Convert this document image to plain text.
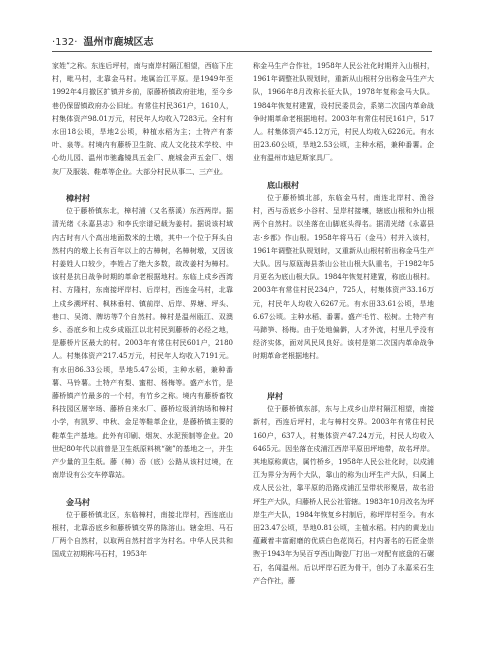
·132· 温州市鹿城区志

家姓”之称。东连后坪村，南与南岸村隔江相望，西临下庄村，毗马村，北靠金马村。地属治江平原。是1949年至1992年4月撤区扩镇并乡前，原藤桥镇政府驻地，至今乡巷仍保留镇政府办公旧址。有常住村民361户，1610人，村集体资产98.01万元，村民年人均收入7283元。全村有水田18公顷，旱地2公顷，种植水稻为主；土特产有茶叶、泉等。村境内有藤桥卫生院、成人文化技术学校、中心幼儿园、温州市驰鑫镜具五金厂、鹿城金声五金厂、烟灰厂及服装、鞋革等企业。大部分村民从事二、三产业。

樟村村

位于藤桥镇东北，樟村浦（又名蔡溪）东西两岸。据清光绪《永嘉县志》和李氏宗谱记载为姜村。据说该村域内古时有八个高出地面数米的土墩，其中一个位于拜头自然村内的墩上长有百年以上的古樟树，名樟树墩，又因该村姜姓人口较少，李姓占了绝大多数，故改姜村为樟村。该村是抗日战争时期的革命老根据地村。东临上戍乡西湾村、方隆村，东南接坪岸村、后岸村，西连金马村，北靠上戍乡溯坪村、枫林垂村、镇前岸、后岸、界塘、坪头、巷口、吴湾、牌坊等7个自然村。樟村是温州瓯江、双澳乡、岙底乡和上戍乡成瓯江以北村民到藤桥的必经之地，是藤桥片区最大的村。2003年有常住村民601户，2180人。村集体资产217.45万元，村民年人均收入7191元。有水田86.33公顷，旱地5.47公顷，主种水稻，兼种番薯、马铃薯。土特产有梨、蜜柑、杨梅等。盛产水竹，是藤桥镇产竹最多的一个村，有竹乡之称。境内有藤桥畜牧科技园区屠宰场、藤桥自来水厂、藤桥垃圾消纳场和樟村小学，有凯罗、申秋、金足等鞋革企业，是藤桥镇主要的鞋革生产基地。此外有印刷、烟灰、水泥预制等企业。20世纪80年代以前曾是卫生纸原料桃“碗”的基地之一，并生产少量的卫生纸。藤（樟）岙（底）公路从该村过境，在南岸设有公交车停靠站。

金马村

位于藤桥镇北区，东临樟村，南接北岸村，西连底山根村，北靠岙底乡和藤桥镇交界的陈溶山。辖金坦、马石厂两个自然村，以取两自然村首字为村名。中华人民共和国成立初期称马石村，1953年

称金马生产合作社，1958年人民公社化时期并入山根村，1961年调整社队规划时，重新从山根村分出称金马生产大队，1966年8月改称长征大队，1978年复称金马大队。1984年恢复村建置，设村民委员会，系第二次国内革命战争时期革命老根据地村。2003年有常住村民161户，517人。村集体资产45.12万元，村民人均收入6226元。有水田23.60公顷，旱地2.53公顷，主种水稻，兼种番薯。企业有温州市迪尼斯家具厂。

底山根村

位于藤桥镇北部，东临金马村，南连北岸村、渔谷村，西与岙底乡小谷村、呈岸村接壤，辖底山根和外山根两个自然村。以坐落在山脚底头得名。据清光绪《永嘉县志·乡都》作山根。1958年将马石（金马）村并入该村，1961年调整社队规划时，又重新从山根村析出称金马生产大队。因与原瓯海县茶山公社山根大队重名，于1982年5月更名为底山根大队。1984年恢复村建置，称底山根村。2003年有常住村民234户，725人，村集体资产33.16万元，村民年人均收入6267元。有水田33.61公顷，旱地6.67公顷。主种水稻、番薯。盛产毛竹、松树。土特产有马蹄笋、杨梅。由于处地偏僻，人才外流，村里几乎没有经济实体，面对风民风良好。该村是第二次国内革命战争时期革命老根据地村。

岸村

位于藤桥镇东部，东与上戍乡山岸村隔江相望，南接新村，西连后坪村，北与樟村交界。2003年有常住村民160户，637人，村集体资产47.24万元，村民人均收入6465元。因坐落在戍浦江西岸平原田坪地带，故名坪岸。其地原称黄店，属竹桥乡，1958年人民公社化时，以戍浦江为界分为两个大队，靠山的称为山坪生产大队，归属上戍人民公社，靠平原的沿路戍浦江呈带状形聚居，故名沿坪生产大队，归藤桥人民公社管辖。1983年10月改名为坪岸生产大队，1984年恢复乡村制后，称坪岸村至今。有水田23.47公顷，旱地0.81公顷，主植水稻。村内的黄龙山蕴藏着丰富耐磨的优质白色花岗石，村内著名的石匠金崇煦于1943年为吴百亨西山陶瓷厂打出一对配有底盘的石碾石，名闻温州。后以坪岸石匠为骨干，创办了永嘉采石生产合作社，藤
